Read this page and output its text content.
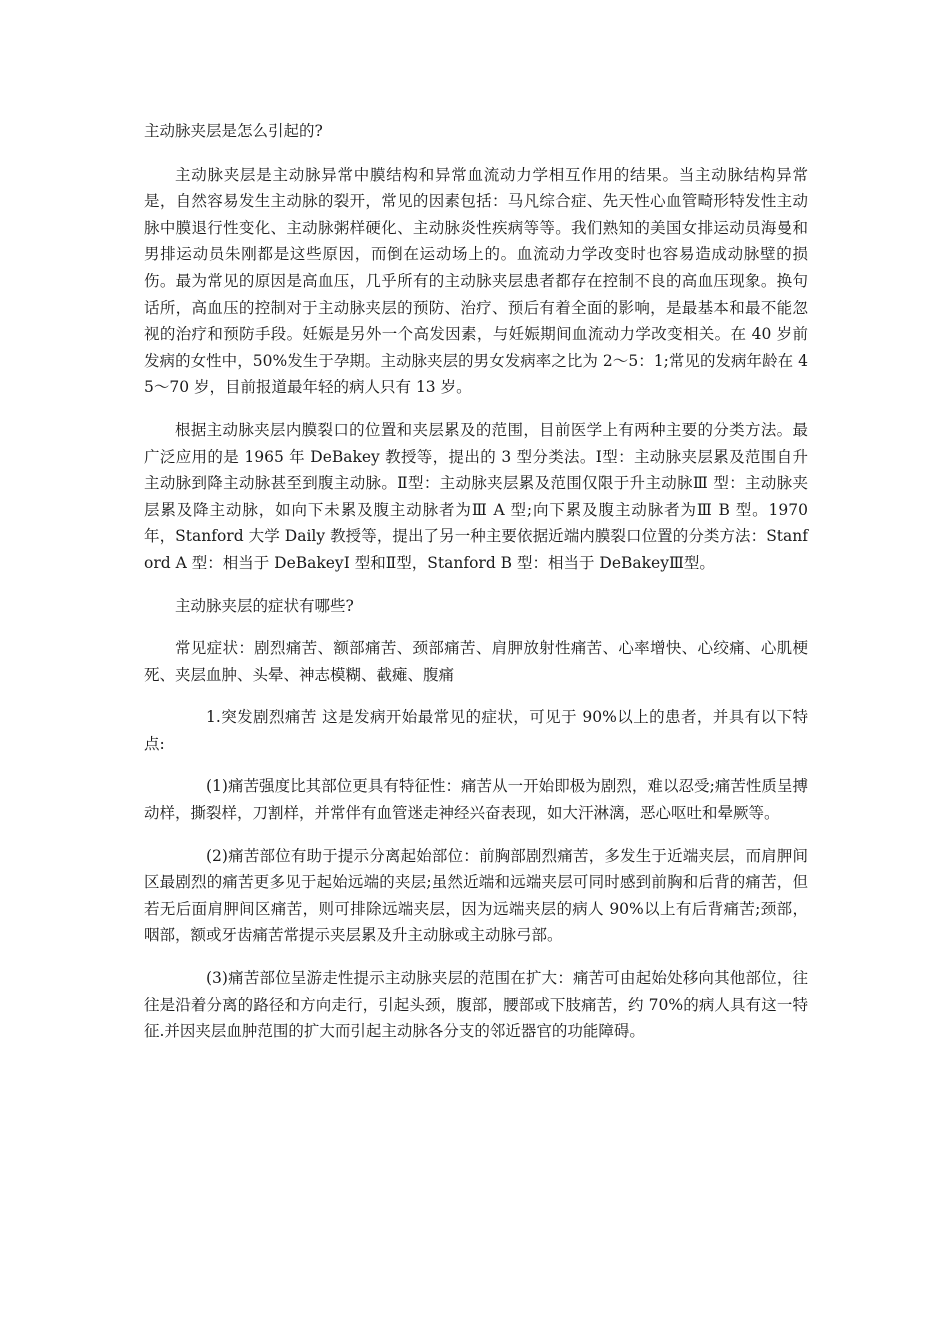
主动脉夹层是怎么引起的?

主动脉夹层是主动脉异常中膜结构和异常血流动力学相互作用的结果。当主动脉结构异常是，自然容易发生主动脉的裂开，常见的因素包括：马凡综合症、先天性心血管畸形特发性主动脉中膜退行性变化、主动脉粥样硬化、主动脉炎性疾病等等。我们熟知的美国女排运动员海曼和男排运动员朱刚都是这些原因，而倒在运动场上的。血流动力学改变时也容易造成动脉壁的损伤。最为常见的原因是高血压，几乎所有的主动脉夹层患者都存在控制不良的高血压现象。换句话所，高血压的控制对于主动脉夹层的预防、治疗、预后有着全面的影响，是最基本和最不能忽视的治疗和预防手段。妊娠是另外一个高发因素，与妊娠期间血流动力学改变相关。在 40 岁前发病的女性中，50%发生于孕期。主动脉夹层的男女发病率之比为 2～5：1;常见的发病年龄在 45～70 岁，目前报道最年轻的病人只有 13 岁。

根据主动脉夹层内膜裂口的位置和夹层累及的范围，目前医学上有两种主要的分类方法。最广泛应用的是 1965 年 DeBakey 教授等，提出的 3 型分类法。Ⅰ型：主动脉夹层累及范围自升主动脉到降主动脉甚至到腹主动脉。Ⅱ型：主动脉夹层累及范围仅限于升主动脉Ⅲ 型：主动脉夹层累及降主动脉，如向下未累及腹主动脉者为Ⅲ A 型;向下累及腹主动脉者为Ⅲ B 型。1970 年，Stanford 大学 Daily 教授等，提出了另一种主要依据近端内膜裂口位置的分类方法：Stanford A 型：相当于 DeBakeyⅠ 型和Ⅱ型，Stanford B 型：相当于 DeBakeyⅢ型。

主动脉夹层的症状有哪些?

常见症状：剧烈痛苦、额部痛苦、颈部痛苦、肩胛放射性痛苦、心率增快、心绞痛、心肌梗死、夹层血肿、头晕、神志模糊、截瘫、腹痛

1.突发剧烈痛苦 这是发病开始最常见的症状，可见于 90%以上的患者，并具有以下特点:

(1)痛苦强度比其部位更具有特征性：痛苦从一开始即极为剧烈，难以忍受;痛苦性质呈搏动样，撕裂样，刀割样，并常伴有血管迷走神经兴奋表现，如大汗淋漓，恶心呕吐和晕厥等。

(2)痛苦部位有助于提示分离起始部位：前胸部剧烈痛苦，多发生于近端夹层，而肩胛间区最剧烈的痛苦更多见于起始远端的夹层;虽然近端和远端夹层可同时感到前胸和后背的痛苦，但若无后面肩胛间区痛苦，则可排除远端夹层，因为远端夹层的病人 90%以上有后背痛苦;颈部，咽部，额或牙齿痛苦常提示夹层累及升主动脉或主动脉弓部。

(3)痛苦部位呈游走性提示主动脉夹层的范围在扩大：痛苦可由起始处移向其他部位，往往是沿着分离的路径和方向走行，引起头颈，腹部，腰部或下肢痛苦，约 70%的病人具有这一特征.并因夹层血肿范围的扩大而引起主动脉各分支的邻近器官的功能障碍。
